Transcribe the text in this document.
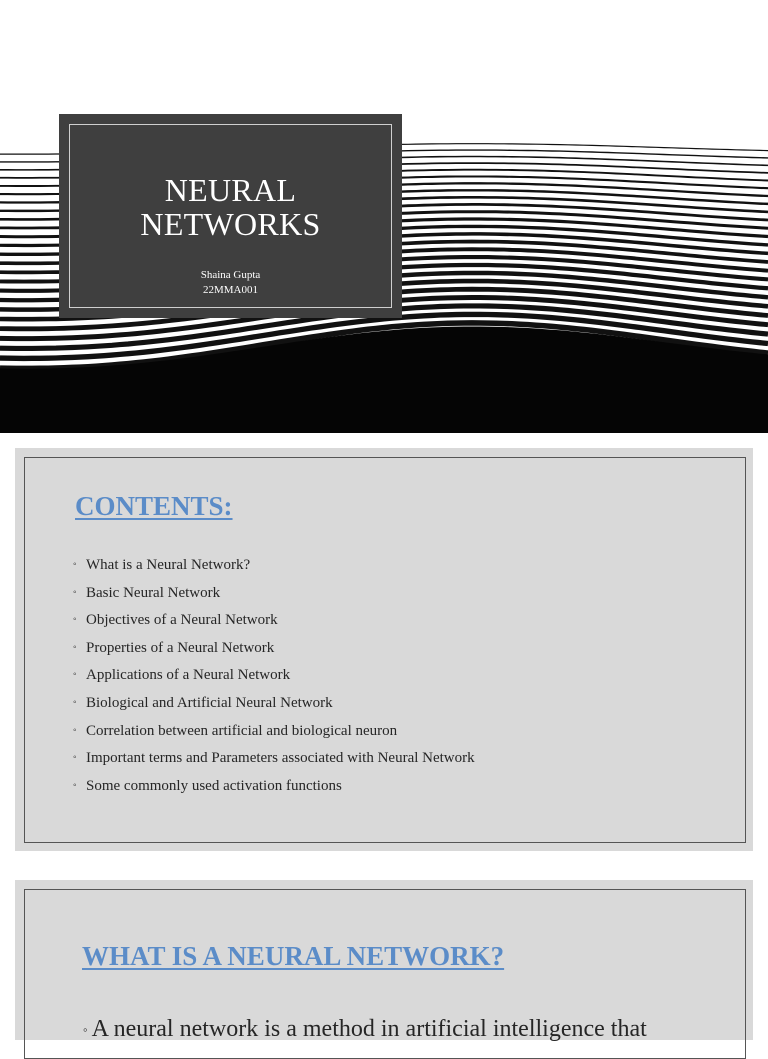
NEURAL
NETWORKS
Shaina Gupta
22MMA001
CONTENTS:
◦ What is a Neural Network?
◦ Basic Neural Network
◦ Objectives of a Neural Network
◦ Properties of a Neural Network
◦ Applications of a Neural Network
◦ Biological and Artificial Neural Network
◦ Correlation between artificial and biological neuron
◦ Important terms and Parameters associated with Neural Network
◦ Some commonly used activation functions
WHAT IS A NEURAL NETWORK?

◦ A neural network is a method in artificial intelligence that
